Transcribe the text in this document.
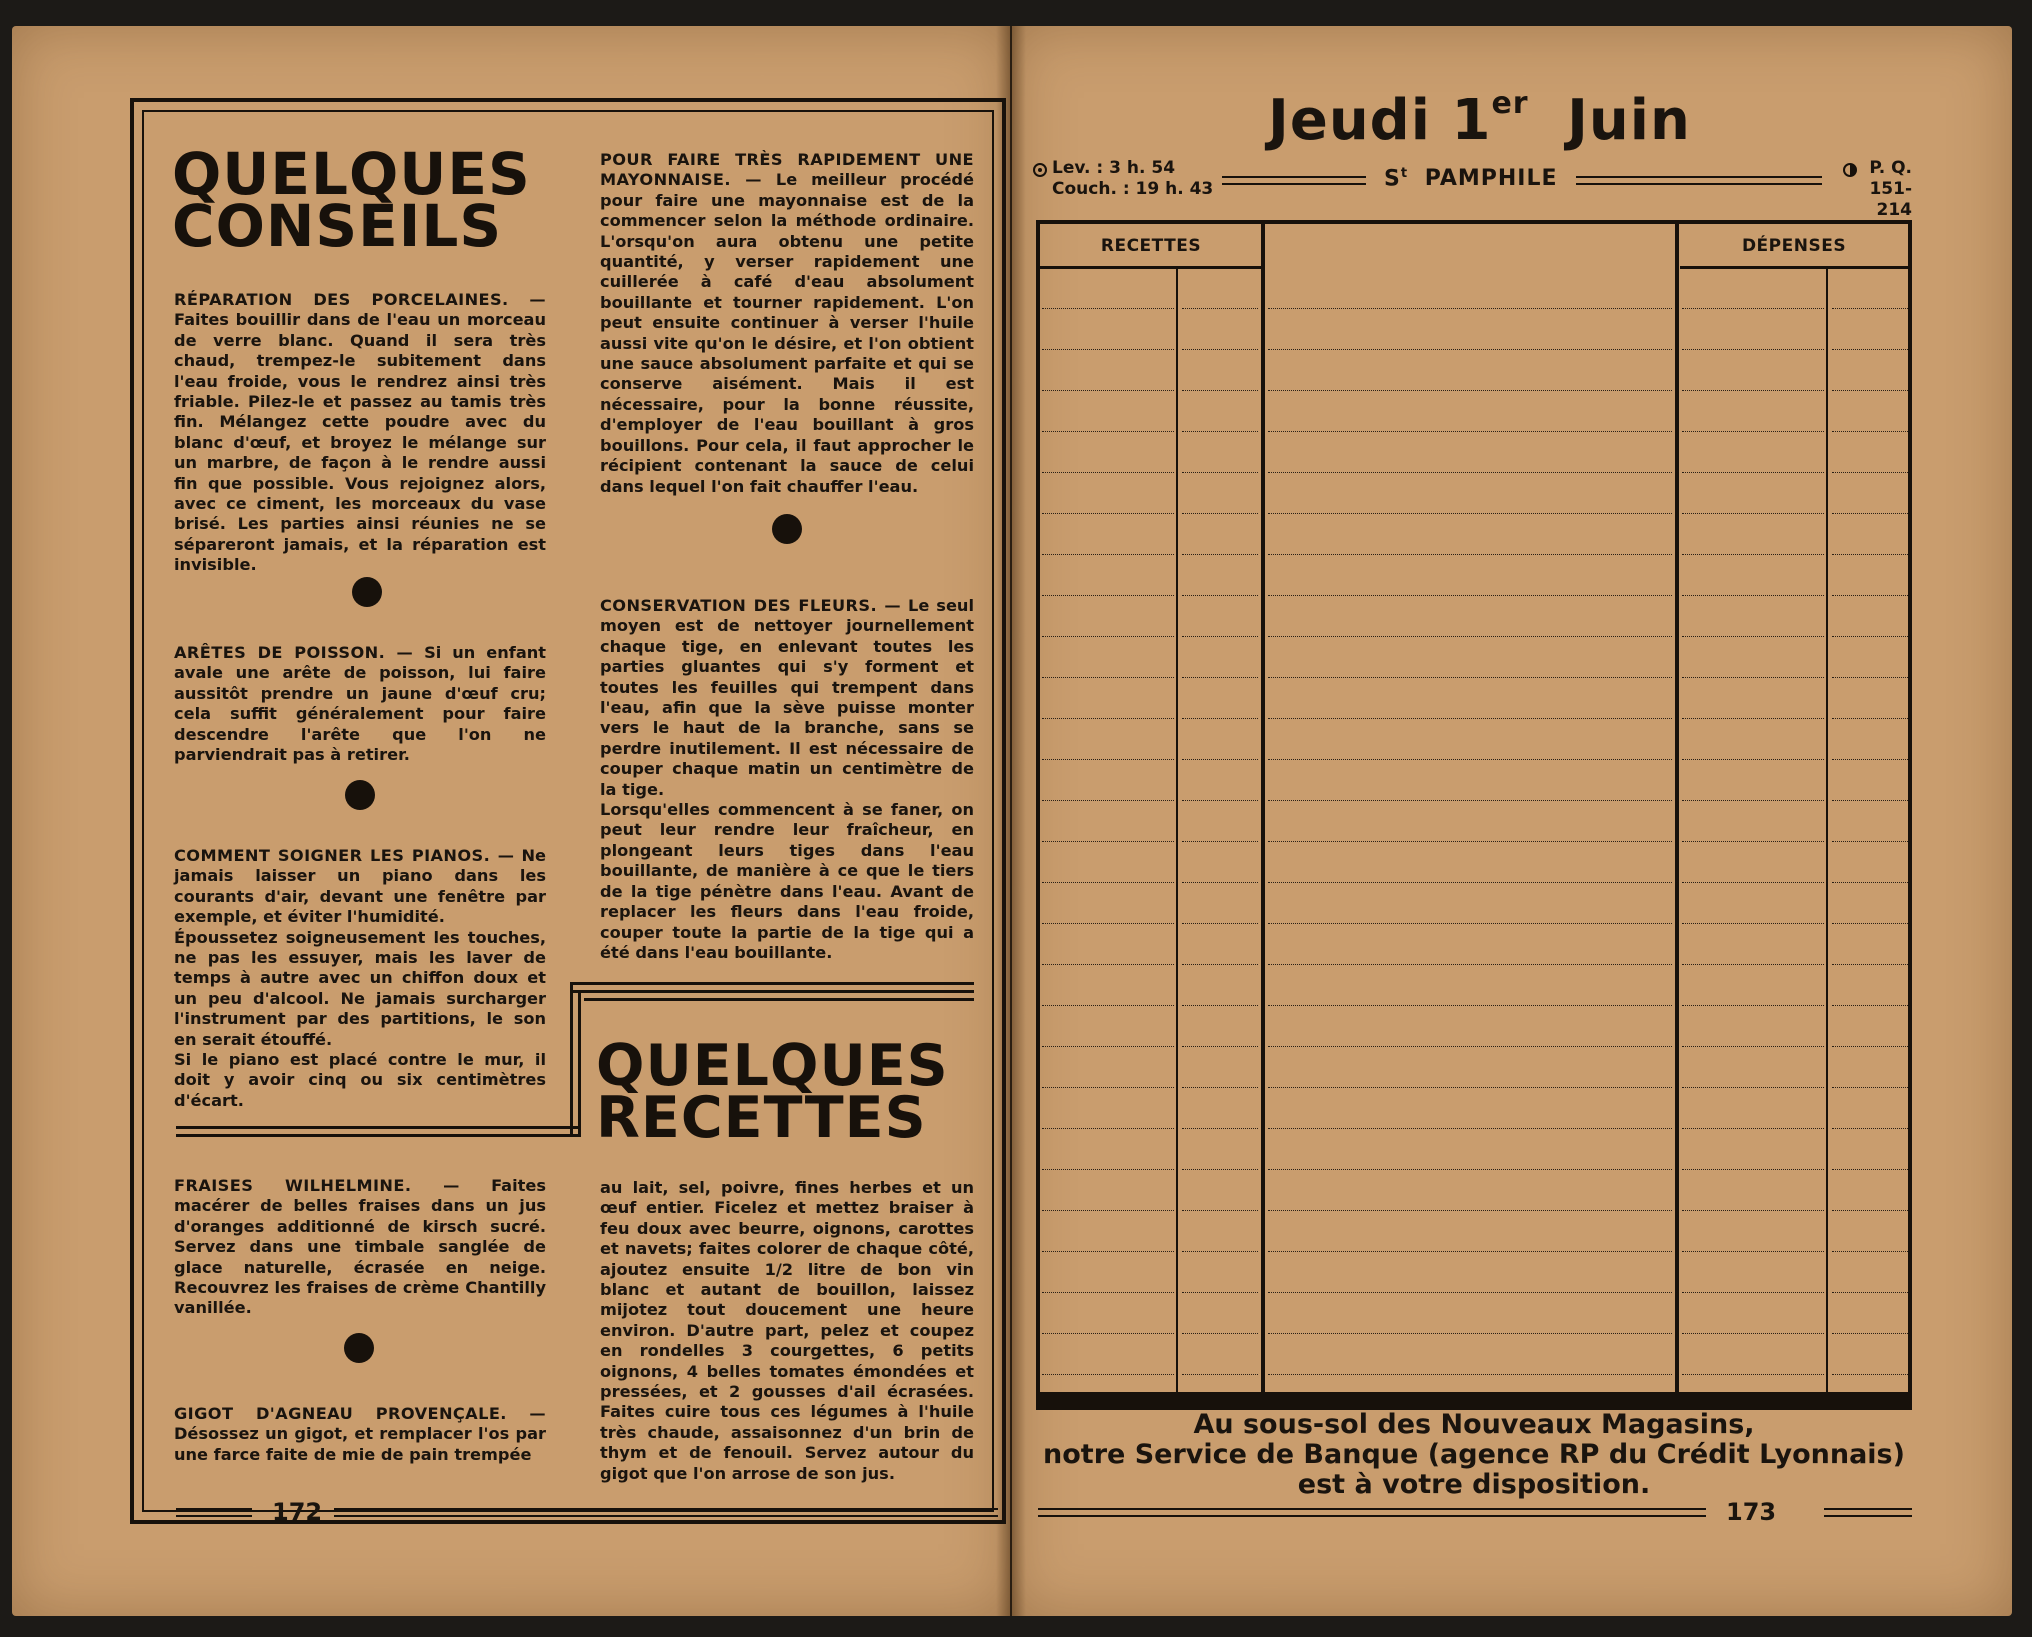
QUELQUES
CONSEILS

RÉPARATION DES PORCELAINES. — Faites bouillir dans de l'eau un morceau de verre blanc. Quand il sera très chaud, trempez-le subitement dans l'eau froide, vous le rendrez ainsi très friable. Pilez-le et passez au tamis très fin. Mélangez cette poudre avec du blanc d'œuf, et broyez le mélange sur un marbre, de façon à le rendre aussi fin que possible. Vous rejoignez alors, avec ce ciment, les morceaux du vase brisé. Les parties ainsi réunies ne se sépareront jamais, et la réparation est invisible.

ARÊTES DE POISSON. — Si un enfant avale une arête de poisson, lui faire aussitôt prendre un jaune d'œuf cru; cela suffit généralement pour faire descendre l'arête que l'on ne parviendrait pas à retirer.

COMMENT SOIGNER LES PIANOS. — Ne jamais laisser un piano dans les courants d'air, devant une fenêtre par exemple, et éviter l'humidité.

Époussetez soigneusement les touches, ne pas les essuyer, mais les laver de temps à autre avec un chiffon doux et un peu d'alcool. Ne jamais surcharger l'instrument par des partitions, le son en serait étouffé.

Si le piano est placé contre le mur, il doit y avoir cinq ou six centimètres d'écart.

POUR FAIRE TRÈS RAPIDEMENT UNE MAYONNAISE. — Le meilleur procédé pour faire une mayonnaise est de la commencer selon la méthode ordinaire. L'orsqu'on aura obtenu une petite quantité, y verser rapidement une cuillerée à café d'eau absolument bouillante et tourner rapidement. L'on peut ensuite continuer à verser l'huile aussi vite qu'on le désire, et l'on obtient une sauce absolument parfaite et qui se conserve aisément. Mais il est nécessaire, pour la bonne réussite, d'employer de l'eau bouillant à gros bouillons. Pour cela, il faut approcher le récipient contenant la sauce de celui dans lequel l'on fait chauffer l'eau.

CONSERVATION DES FLEURS. — Le seul moyen est de nettoyer journellement chaque tige, en enlevant toutes les parties gluantes qui s'y forment et toutes les feuilles qui trempent dans l'eau, afin que la sève puisse monter vers le haut de la branche, sans se perdre inutilement. Il est nécessaire de couper chaque matin un centimètre de la tige.

Lorsqu'elles commencent à se faner, on peut leur rendre leur fraîcheur, en plongeant leurs tiges dans l'eau bouillante, de manière à ce que le tiers de la tige pénètre dans l'eau. Avant de replacer les fleurs dans l'eau froide, couper toute la partie de la tige qui a été dans l'eau bouillante.

QUELQUES
RECETTES

FRAISES WILHELMINE. — Faites macérer de belles fraises dans un jus d'oranges additionné de kirsch sucré. Servez dans une timbale sanglée de glace naturelle, écrasée en neige. Recouvrez les fraises de crème Chantilly vanillée.

GIGOT D'AGNEAU PROVENÇALE. — Désossez un gigot, et remplacer l'os par une farce faite de mie de pain trempée

au lait, sel, poivre, fines herbes et un œuf entier. Ficelez et mettez braiser à feu doux avec beurre, oignons, carottes et navets; faites colorer de chaque côté, ajoutez ensuite 1/2 litre de bon vin blanc et autant de bouillon, laissez mijotez tout doucement une heure environ. D'autre part, pelez et coupez en rondelles 3 courgettes, 6 petits oignons, 4 belles tomates émondées et pressées, et 2 gousses d'ail écrasées. Faites cuire tous ces légumes à l'huile très chaude, assaisonnez d'un brin de thym et de fenouil. Servez autour du gigot que l'on arrose de son jus.

172
Jeudi 1er Juin
Lev. : 3 h. 54
Couch. : 19 h. 43	$S^t$ PAMPHILE	P. Q.
151-214
RECETTES	DÉPENSES
Au sous-sol des Nouveaux Magasins,
notre Service de Banque (agence RP du Crédit Lyonnais)
est à votre disposition.
173
